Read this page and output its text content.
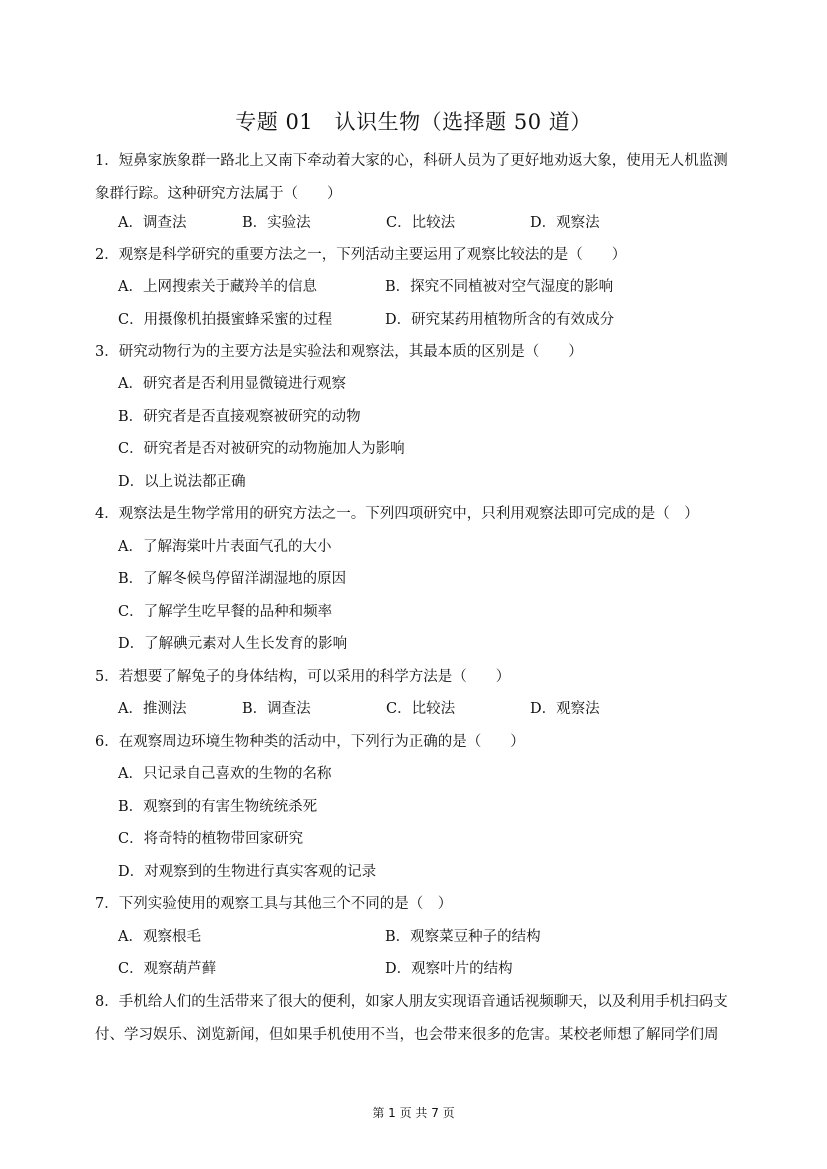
专题 01　认识生物（选择题 50 道）
1．短鼻家族象群一路北上又南下牵动着大家的心，科研人员为了更好地劝返大象，使用无人机监测象群行踪。这种研究方法属于（　　）
A．调查法	B．实验法	C．比较法	D．观察法
2．观察是科学研究的重要方法之一，下列活动主要运用了观察比较法的是（　　）
A．上网搜索关于藏羚羊的信息	B．探究不同植被对空气湿度的影响
C．用摄像机拍摄蜜蜂采蜜的过程	D．研究某药用植物所含的有效成分
3．研究动物行为的主要方法是实验法和观察法，其最本质的区别是（　　）
A．研究者是否利用显微镜进行观察
B．研究者是否直接观察被研究的动物
C．研究者是否对被研究的动物施加人为影响
D．以上说法都正确
4．观察法是生物学常用的研究方法之一。下列四项研究中，只利用观察法即可完成的是（　）
A．了解海棠叶片表面气孔的大小
B．了解冬候鸟停留洋湖湿地的原因
C．了解学生吃早餐的品种和频率
D．了解碘元素对人生长发育的影响
5．若想要了解兔子的身体结构，可以采用的科学方法是（　　）
A．推测法	B．调查法	C．比较法	D．观察法
6．在观察周边环境生物种类的活动中，下列行为正确的是（　　）
A．只记录自己喜欢的生物的名称
B．观察到的有害生物统统杀死
C．将奇特的植物带回家研究
D．对观察到的生物进行真实客观的记录
7．下列实验使用的观察工具与其他三个不同的是（　）
A．观察根毛	B．观察菜豆种子的结构
C．观察葫芦藓	D．观察叶片的结构
8．手机给人们的生活带来了很大的便利，如家人朋友实现语音通话视频聊天，以及利用手机扫码支付、学习娱乐、浏览新闻，但如果手机使用不当，也会带来很多的危害。某校老师想了解同学们周
第 1 页 共 7 页
